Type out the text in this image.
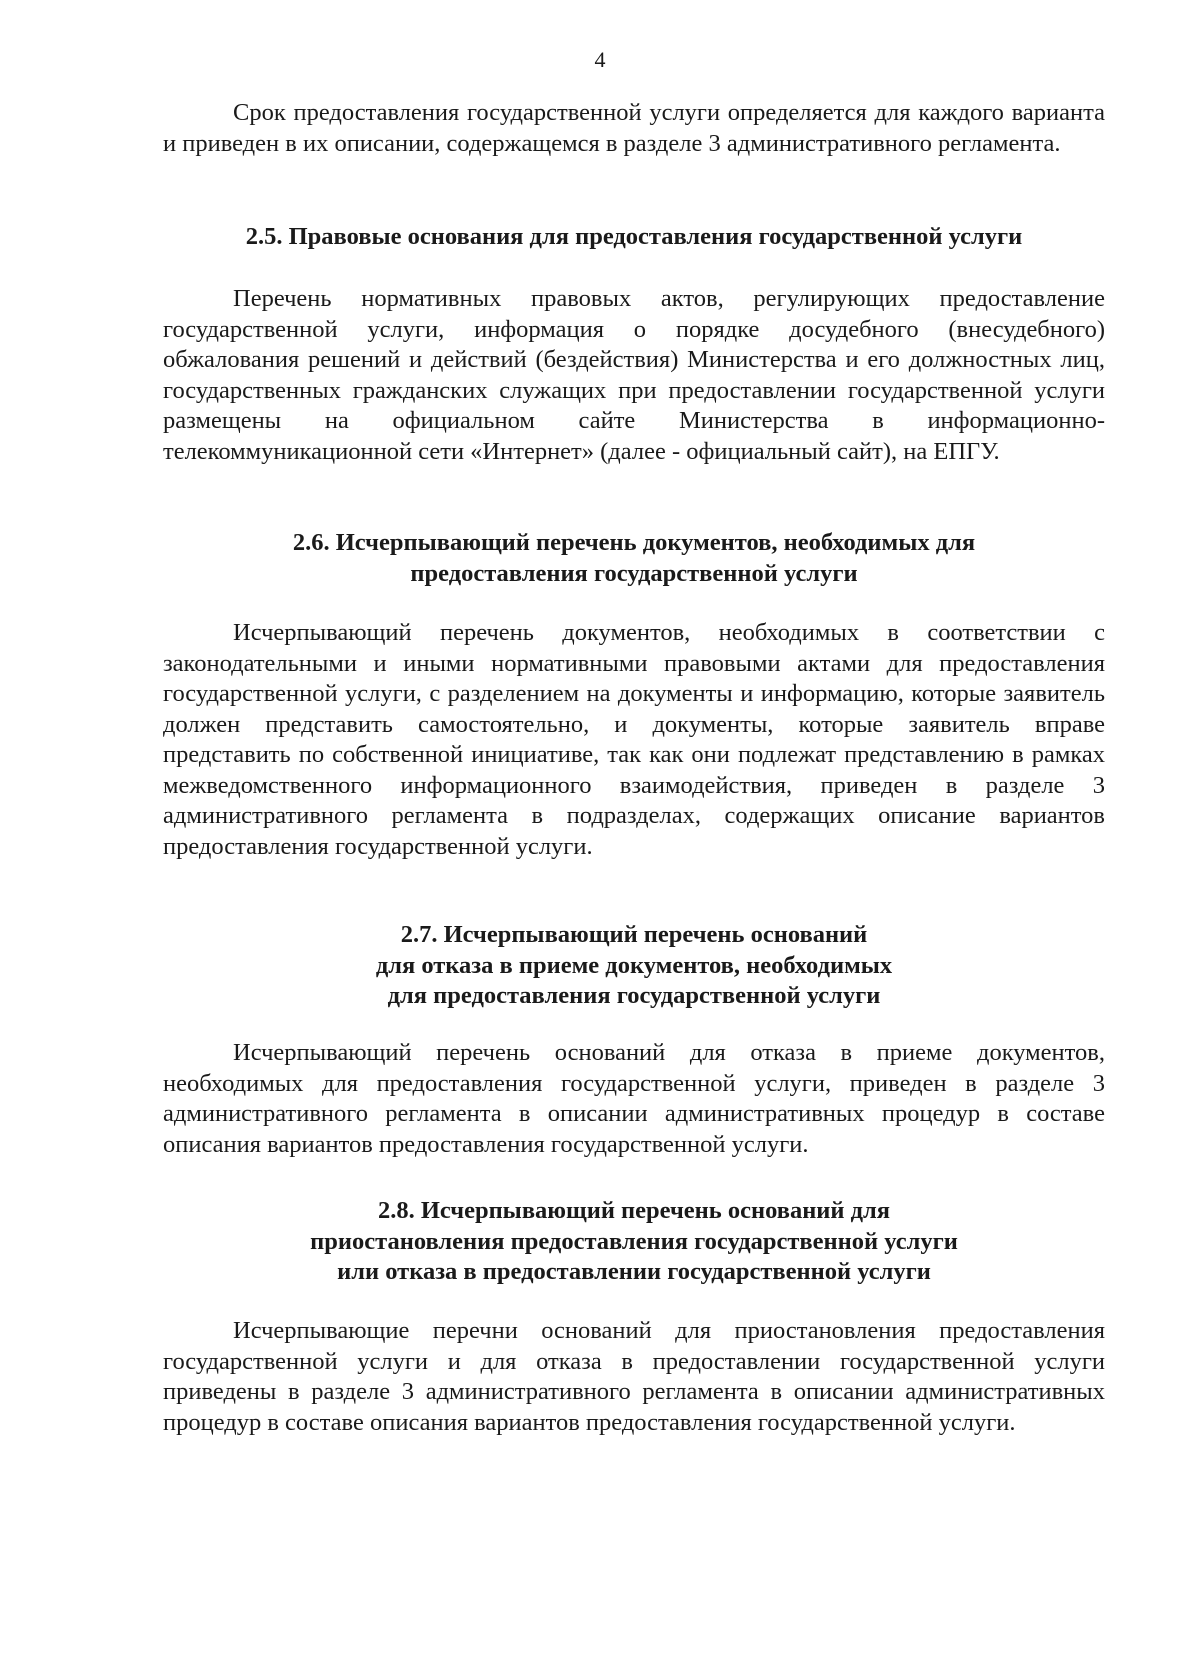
4

Срок предоставления государственной услуги определяется для каждого варианта и приведен в их описании, содержащемся в разделе 3 административного регламента.

2.5. Правовые основания для предоставления государственной услуги

Перечень нормативных правовых актов, регулирующих предоставление государственной услуги, информация о порядке досудебного (внесудебного) обжалования решений и действий (бездействия) Министерства и его должностных лиц, государственных гражданских служащих при предоставлении государственной услуги размещены на официальном сайте Министерства в информационно-телекоммуникационной сети «Интернет» (далее - официальный сайт), на ЕПГУ.

2.6. Исчерпывающий перечень документов, необходимых для
предоставления государственной услуги

Исчерпывающий перечень документов, необходимых в соответствии с законодательными и иными нормативными правовыми актами для предоставления государственной услуги, с разделением на документы и информацию, которые заявитель должен представить самостоятельно, и документы, которые заявитель вправе представить по собственной инициативе, так как они подлежат представлению в рамках межведомственного информационного взаимодействия, приведен в разделе 3 административного регламента в подразделах, содержащих описание вариантов предоставления государственной услуги.

2.7. Исчерпывающий перечень оснований
для отказа в приеме документов, необходимых
для предоставления государственной услуги

Исчерпывающий перечень оснований для отказа в приеме документов, необходимых для предоставления государственной услуги, приведен в разделе 3 административного регламента в описании административных процедур в составе описания вариантов предоставления государственной услуги.

2.8. Исчерпывающий перечень оснований для
приостановления предоставления государственной услуги
или отказа в предоставлении государственной услуги

Исчерпывающие перечни оснований для приостановления предоставления государственной услуги и для отказа в предоставлении государственной услуги приведены в разделе 3 административного регламента в описании административных процедур в составе описания вариантов предоставления государственной услуги.
